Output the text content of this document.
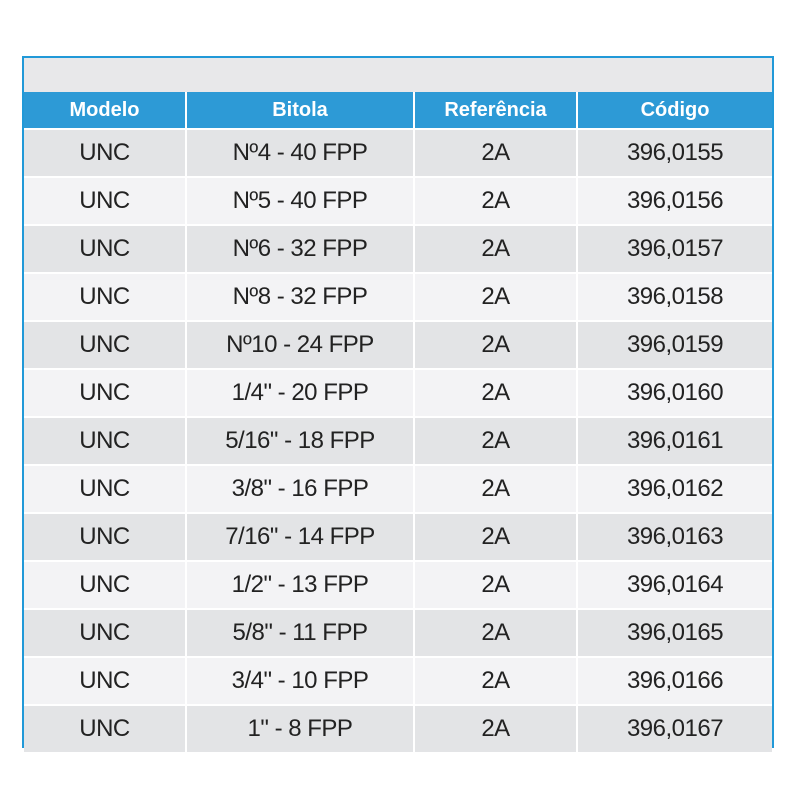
Modelo	Bitola	Referência	Código
UNC	Nº4 - 40 FPP	2A	396,0155
UNC	Nº5 - 40 FPP	2A	396,0156
UNC	Nº6 - 32 FPP	2A	396,0157
UNC	Nº8 - 32 FPP	2A	396,0158
UNC	Nº10 - 24 FPP	2A	396,0159
UNC	1/4" - 20 FPP	2A	396,0160
UNC	5/16" - 18 FPP	2A	396,0161
UNC	3/8" - 16 FPP	2A	396,0162
UNC	7/16" - 14 FPP	2A	396,0163
UNC	1/2" - 13 FPP	2A	396,0164
UNC	5/8" - 11 FPP	2A	396,0165
UNC	3/4" - 10 FPP	2A	396,0166
UNC	1" - 8 FPP	2A	396,0167
